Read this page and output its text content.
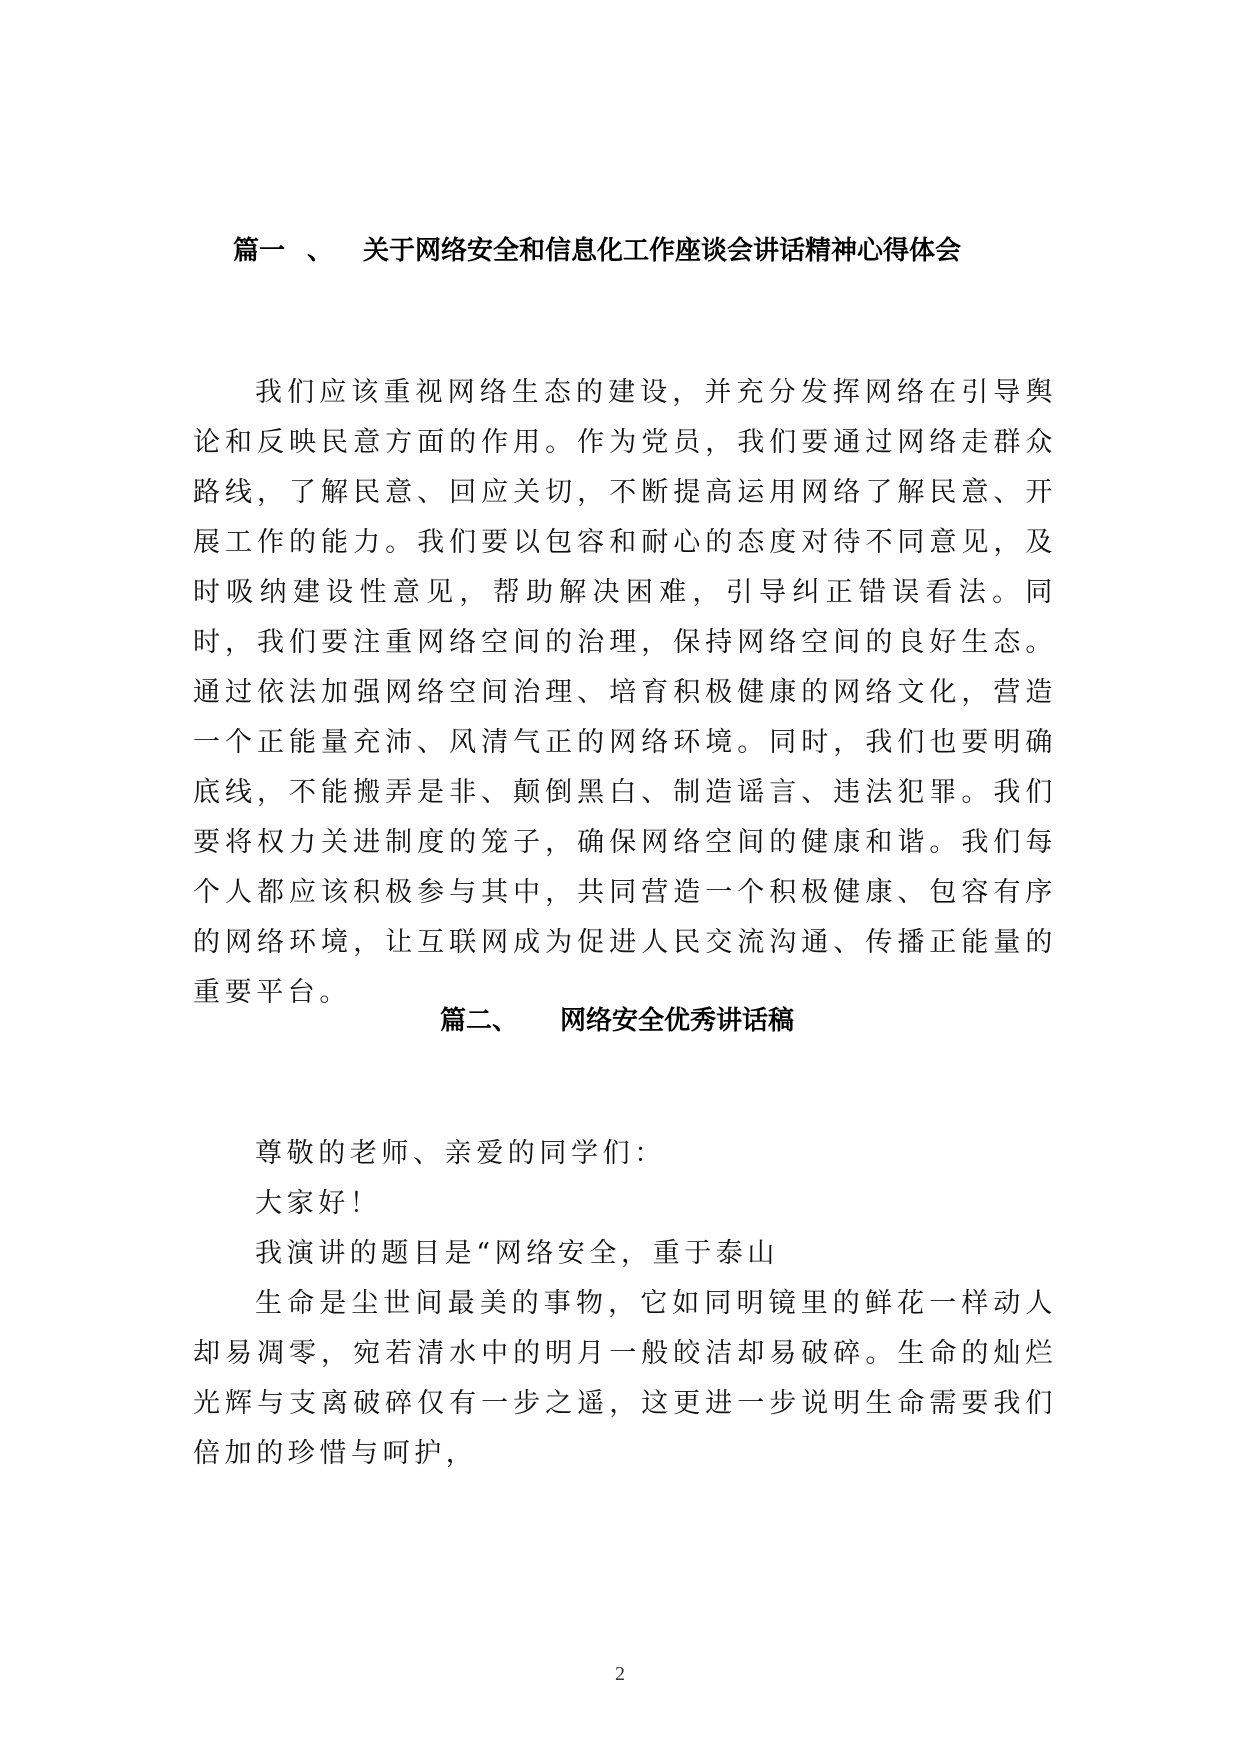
篇一 、 关于网络安全和信息化工作座谈会讲话精神心得体会

我们应该重视网络生态的建设，并充分发挥网络在引导舆论和反映民意方面的作用。作为党员，我们要通过网络走群众路线，了解民意、回应关切，不断提高运用网络了解民意、开展工作的能力。我们要以包容和耐心的态度对待不同意见，及时吸纳建设性意见，帮助解决困难，引导纠正错误看法。同时，我们要注重网络空间的治理，保持网络空间的良好生态。通过依法加强网络空间治理、培育积极健康的网络文化，营造一个正能量充沛、风清气正的网络环境。同时，我们也要明确底线，不能搬弄是非、颠倒黑白、制造谣言、违法犯罪。我们要将权力关进制度的笼子，确保网络空间的健康和谐。我们每个人都应该积极参与其中，共同营造一个积极健康、包容有序的网络环境，让互联网成为促进人民交流沟通、传播正能量的重要平台。

篇二、 网络安全优秀讲话稿

尊敬的老师、亲爱的同学们：

大家好！

我演讲的题目是“网络安全，重于泰山

生命是尘世间最美的事物，它如同明镜里的鲜花一样动人却易凋零，宛若清水中的明月一般皎洁却易破碎。生命的灿烂光辉与支离破碎仅有一步之遥，这更进一步说明生命需要我们倍加的珍惜与呵护，

2
